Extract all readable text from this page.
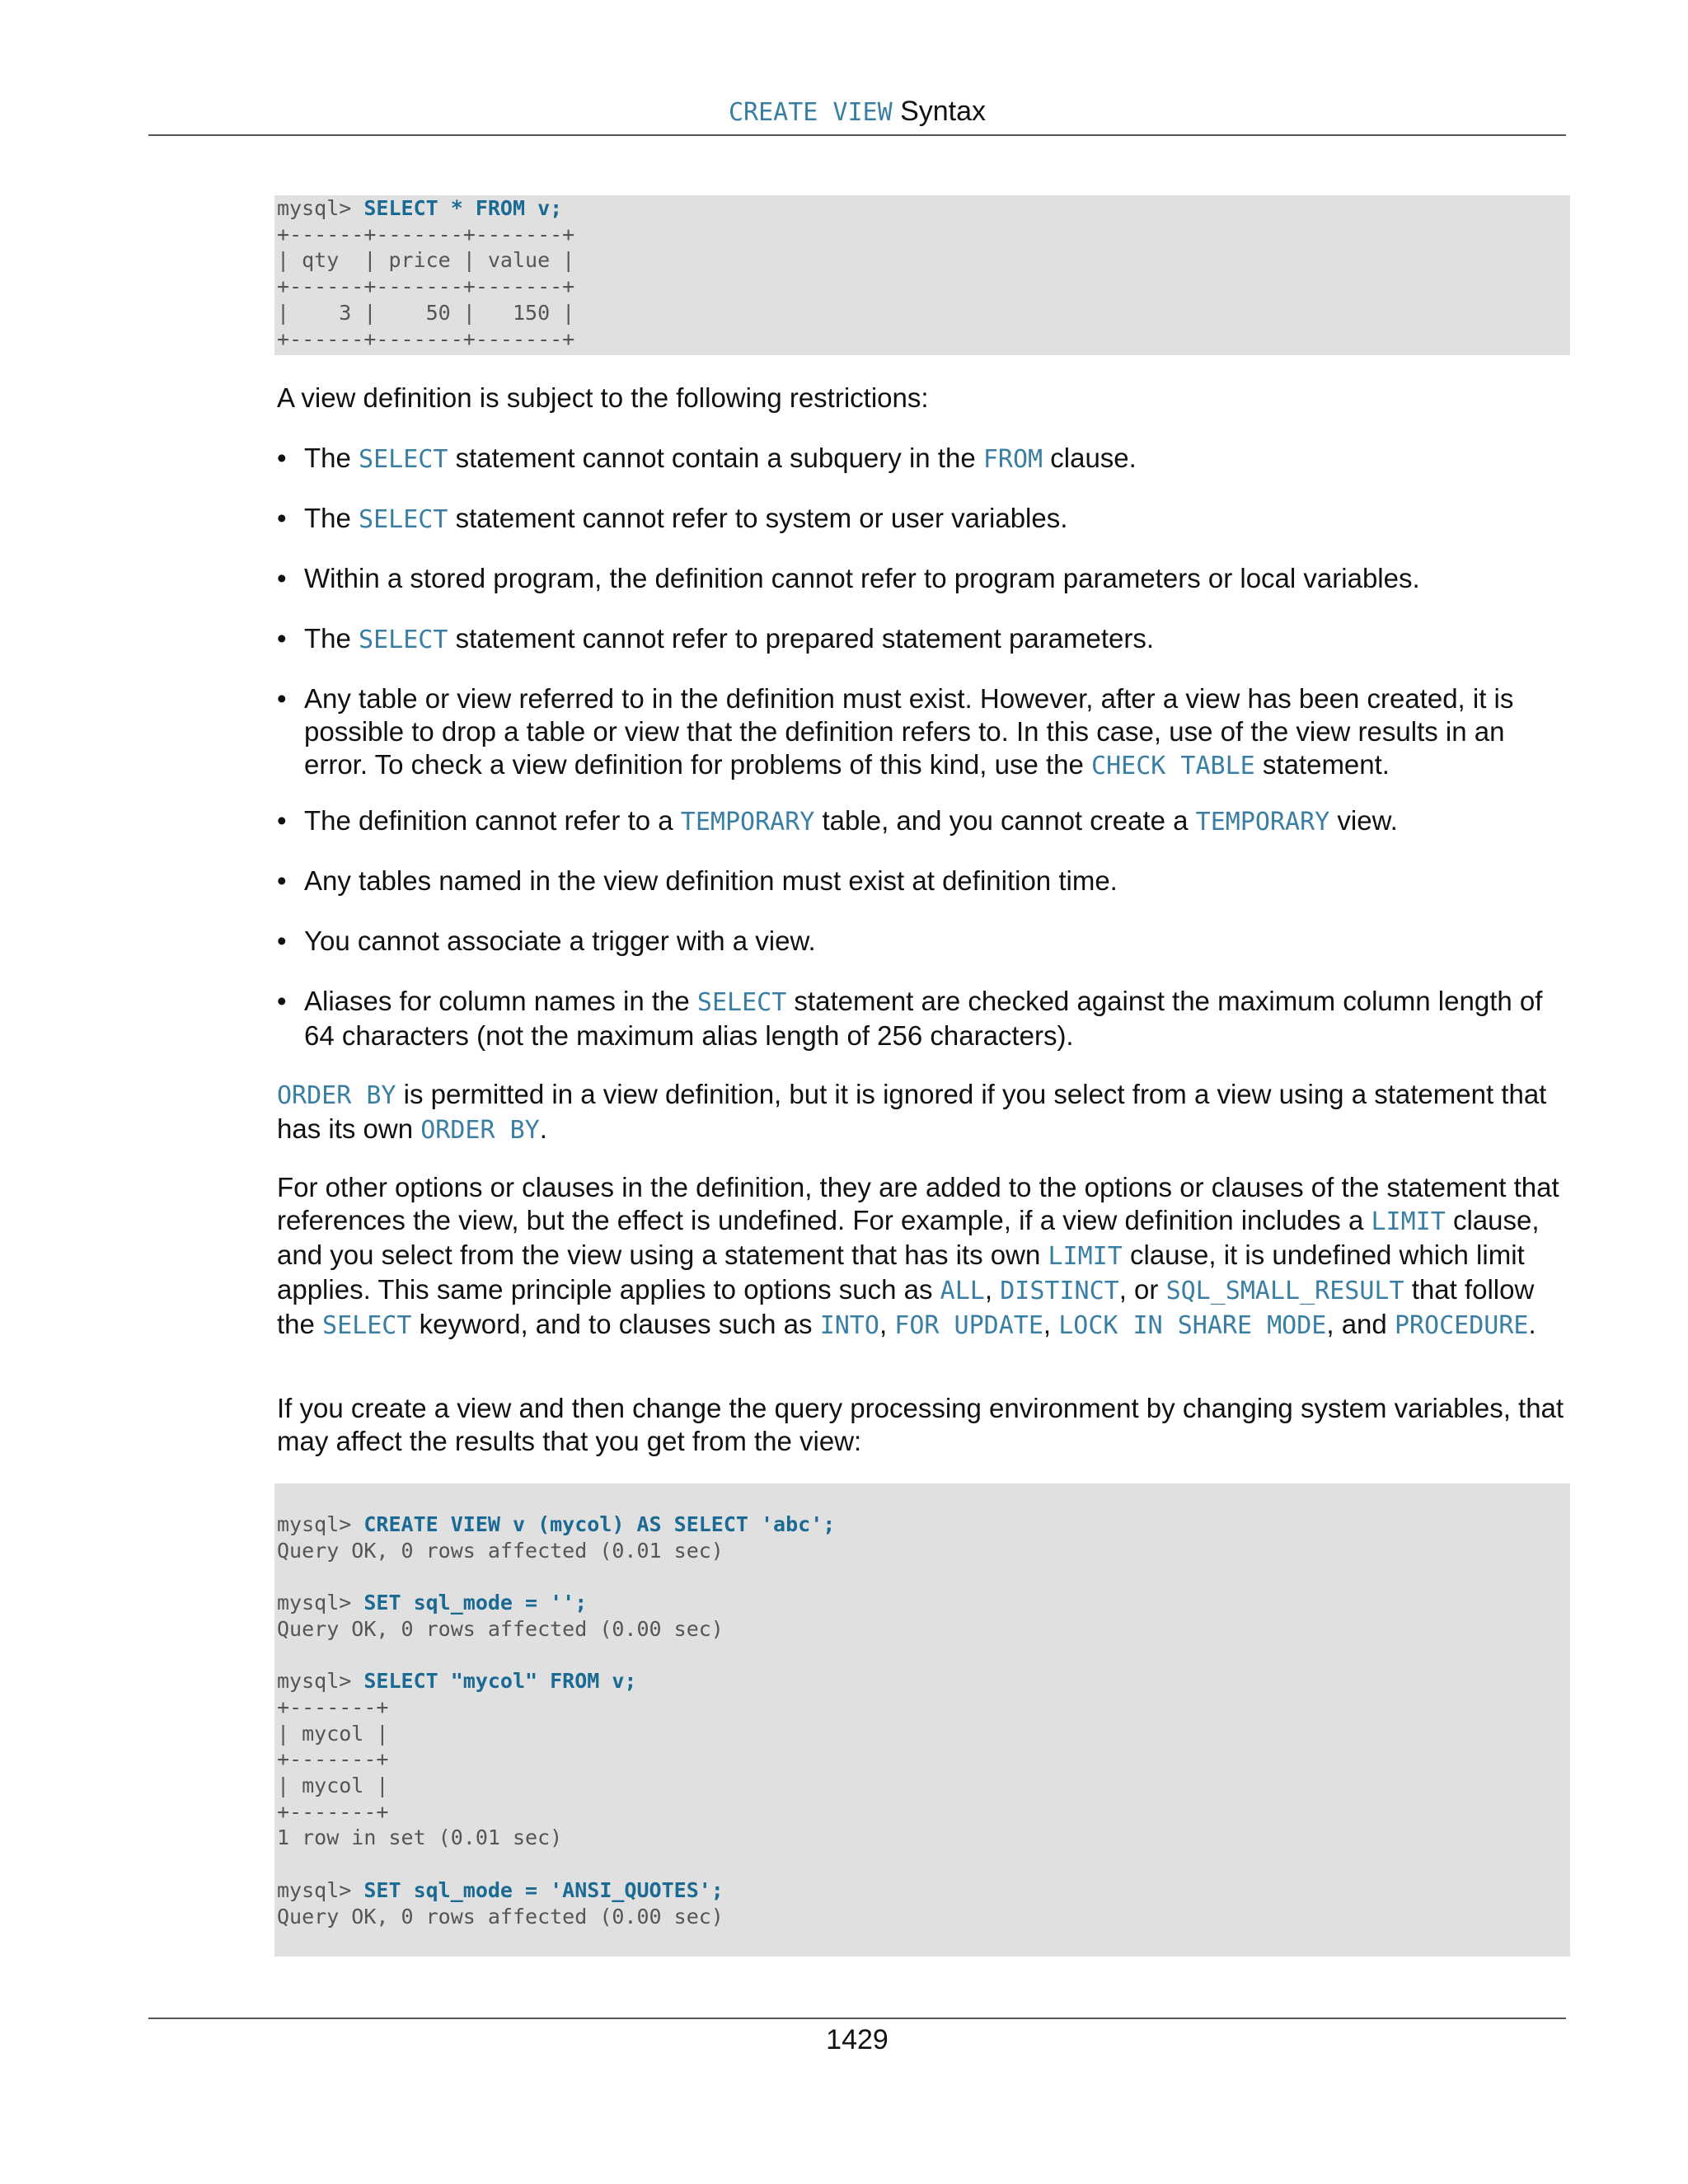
CREATE VIEW Syntax
mysql> SELECT * FROM v;
+------+-------+-------+
| qty  | price | value |
+------+-------+-------+
|    3 |    50 |   150 |
+------+-------+-------+

A view definition is subject to the following restrictions:

• The SELECT statement cannot contain a subquery in the FROM clause.
• The SELECT statement cannot refer to system or user variables.
• Within a stored program, the definition cannot refer to program parameters or local variables.
• The SELECT statement cannot refer to prepared statement parameters.
• Any table or view referred to in the definition must exist. However, after a view has been created, it is possible to drop a table or view that the definition refers to. In this case, use of the view results in an error. To check a view definition for problems of this kind, use the CHECK TABLE statement.
• The definition cannot refer to a TEMPORARY table, and you cannot create a TEMPORARY view.
• Any tables named in the view definition must exist at definition time.
• You cannot associate a trigger with a view.
• Aliases for column names in the SELECT statement are checked against the maximum column length of 64 characters (not the maximum alias length of 256 characters).

ORDER BY is permitted in a view definition, but it is ignored if you select from a view using a statement that has its own ORDER BY.

For other options or clauses in the definition, they are added to the options or clauses of the statement that references the view, but the effect is undefined. For example, if a view definition includes a LIMIT clause, and you select from the view using a statement that has its own LIMIT clause, it is undefined which limit applies. This same principle applies to options such as ALL, DISTINCT, or SQL_SMALL_RESULT that follow the SELECT keyword, and to clauses such as INTO, FOR UPDATE, LOCK IN SHARE MODE, and PROCEDURE.

If you create a view and then change the query processing environment by changing system variables, that may affect the results that you get from the view:

mysql> CREATE VIEW v (mycol) AS SELECT 'abc';
Query OK, 0 rows affected (0.01 sec)

mysql> SET sql_mode = '';
Query OK, 0 rows affected (0.00 sec)

mysql> SELECT "mycol" FROM v;
+-------+
| mycol |
+-------+
| mycol |
+-------+
1 row in set (0.01 sec)

mysql> SET sql_mode = 'ANSI_QUOTES';
Query OK, 0 rows affected (0.00 sec)
1429
